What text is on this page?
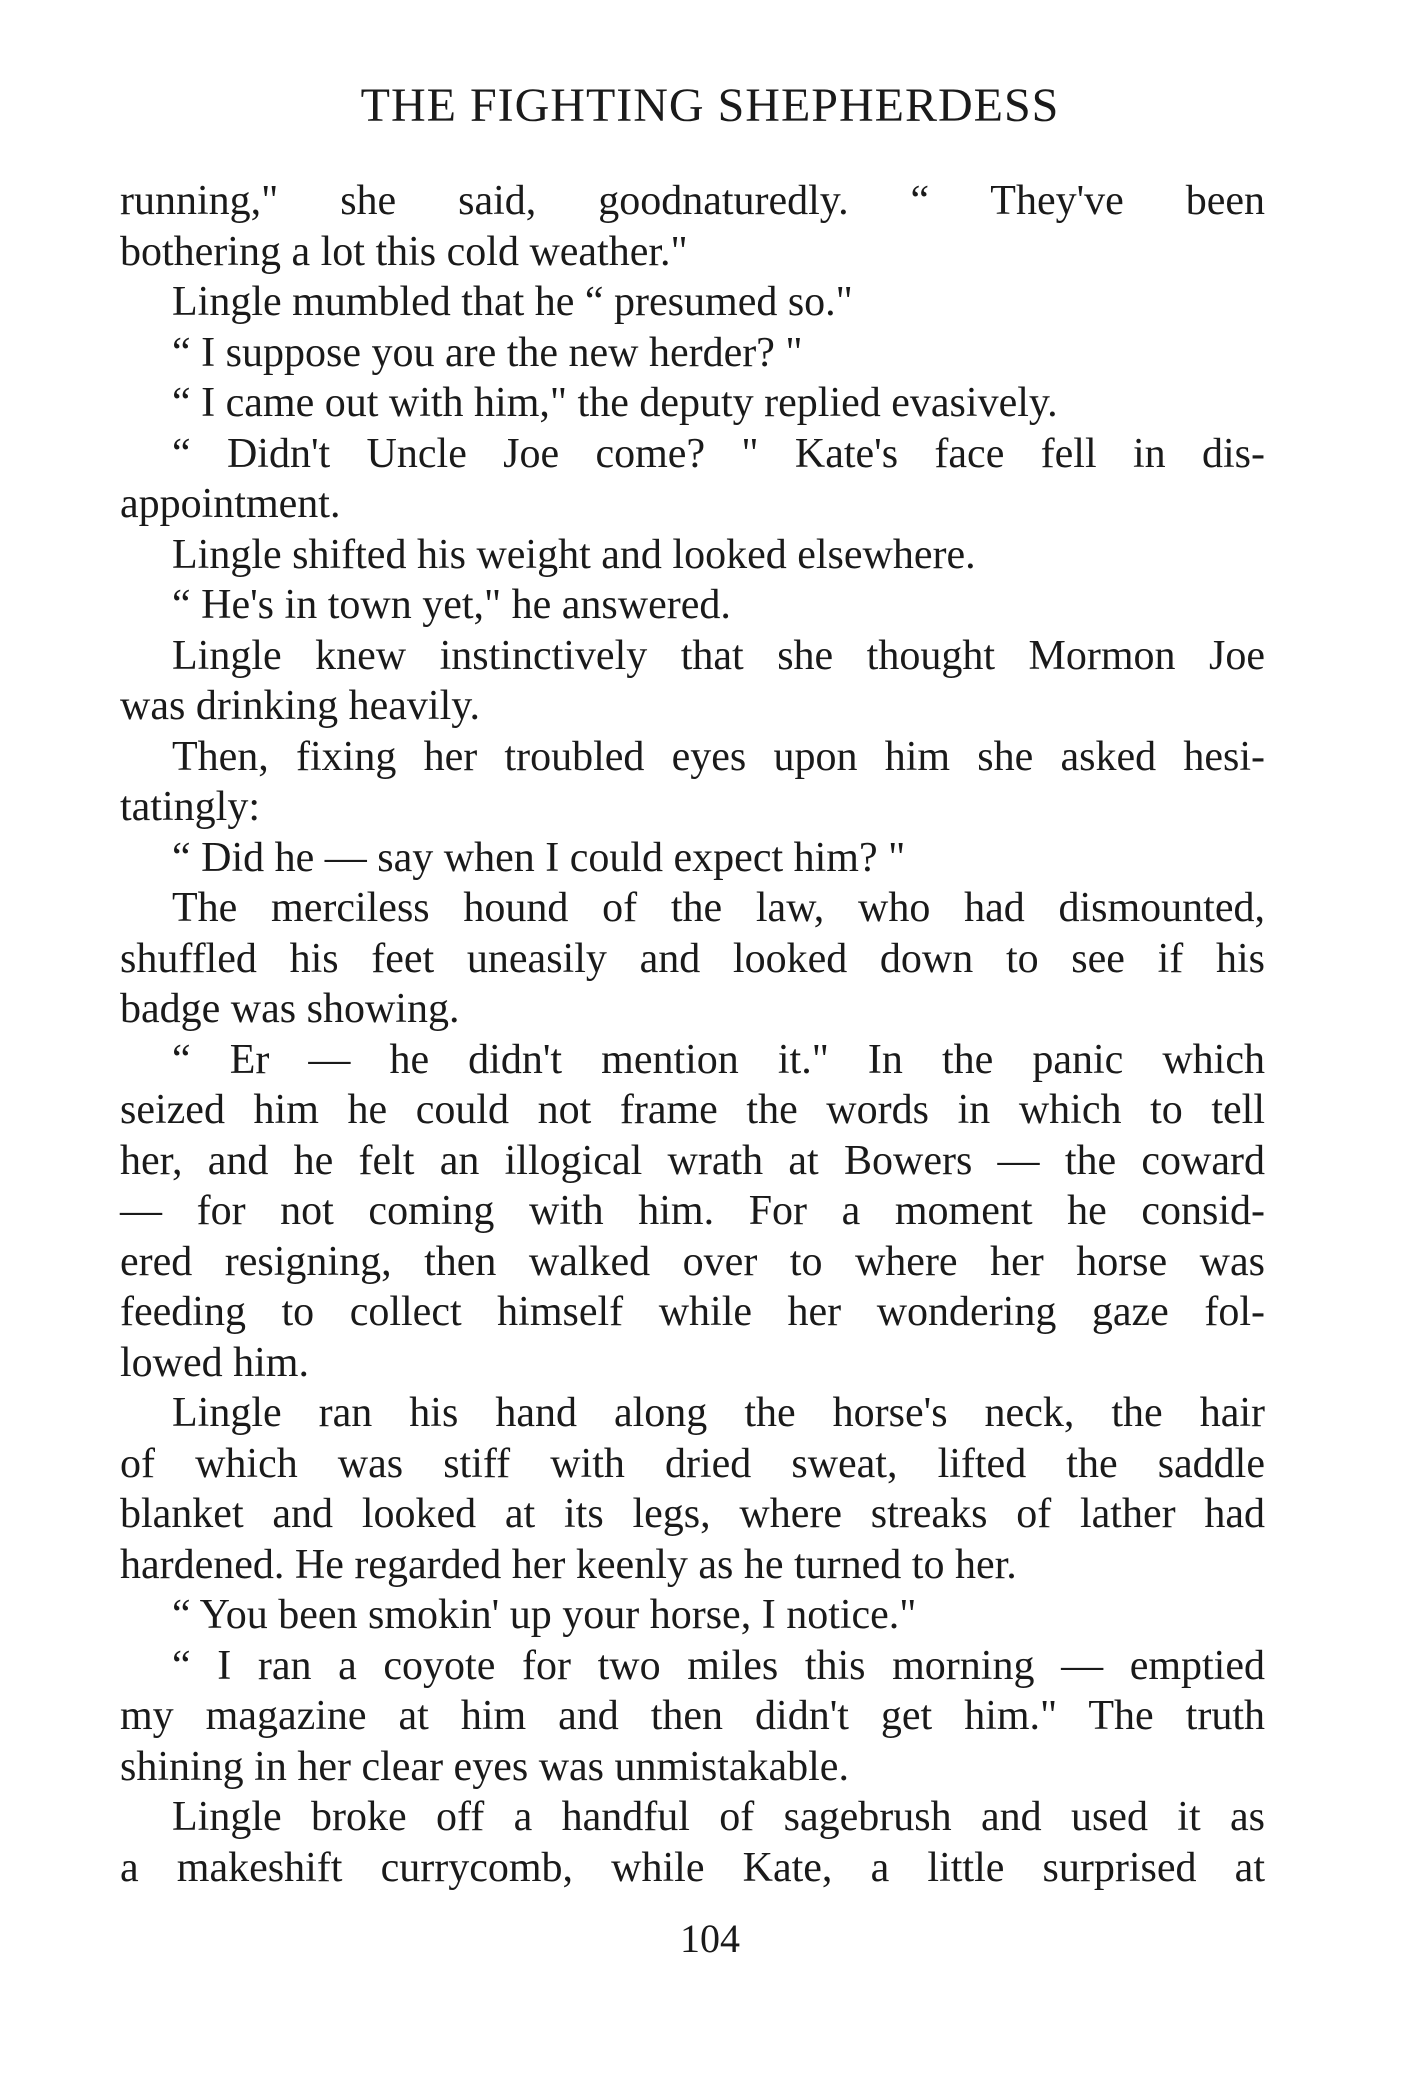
THE FIGHTING SHEPHERDESS
running," she said, goodnaturedly. “ They've been
bothering a lot this cold weather."
Lingle mumbled that he “ presumed so."
“ I suppose you are the new herder? "
“ I came out with him," the deputy replied evasively.
“ Didn't Uncle Joe come? " Kate's face fell in dis-
appointment.
Lingle shifted his weight and looked elsewhere.
“ He's in town yet," he answered.
Lingle knew instinctively that she thought Mormon Joe
was drinking heavily.
Then, fixing her troubled eyes upon him she asked hesi-
tatingly:
“ Did he — say when I could expect him? "
The merciless hound of the law, who had dismounted,
shuffled his feet uneasily and looked down to see if his
badge was showing.
“ Er — he didn't mention it." In the panic which
seized him he could not frame the words in which to tell
her, and he felt an illogical wrath at Bowers — the coward
— for not coming with him. For a moment he consid-
ered resigning, then walked over to where her horse was
feeding to collect himself while her wondering gaze fol-
lowed him.
Lingle ran his hand along the horse's neck, the hair
of which was stiff with dried sweat, lifted the saddle
blanket and looked at its legs, where streaks of lather had
hardened. He regarded her keenly as he turned to her.
“ You been smokin' up your horse, I notice."
“ I ran a coyote for two miles this morning — emptied
my magazine at him and then didn't get him." The truth
shining in her clear eyes was unmistakable.
Lingle broke off a handful of sagebrush and used it as
a makeshift currycomb, while Kate, a little surprised at
104
